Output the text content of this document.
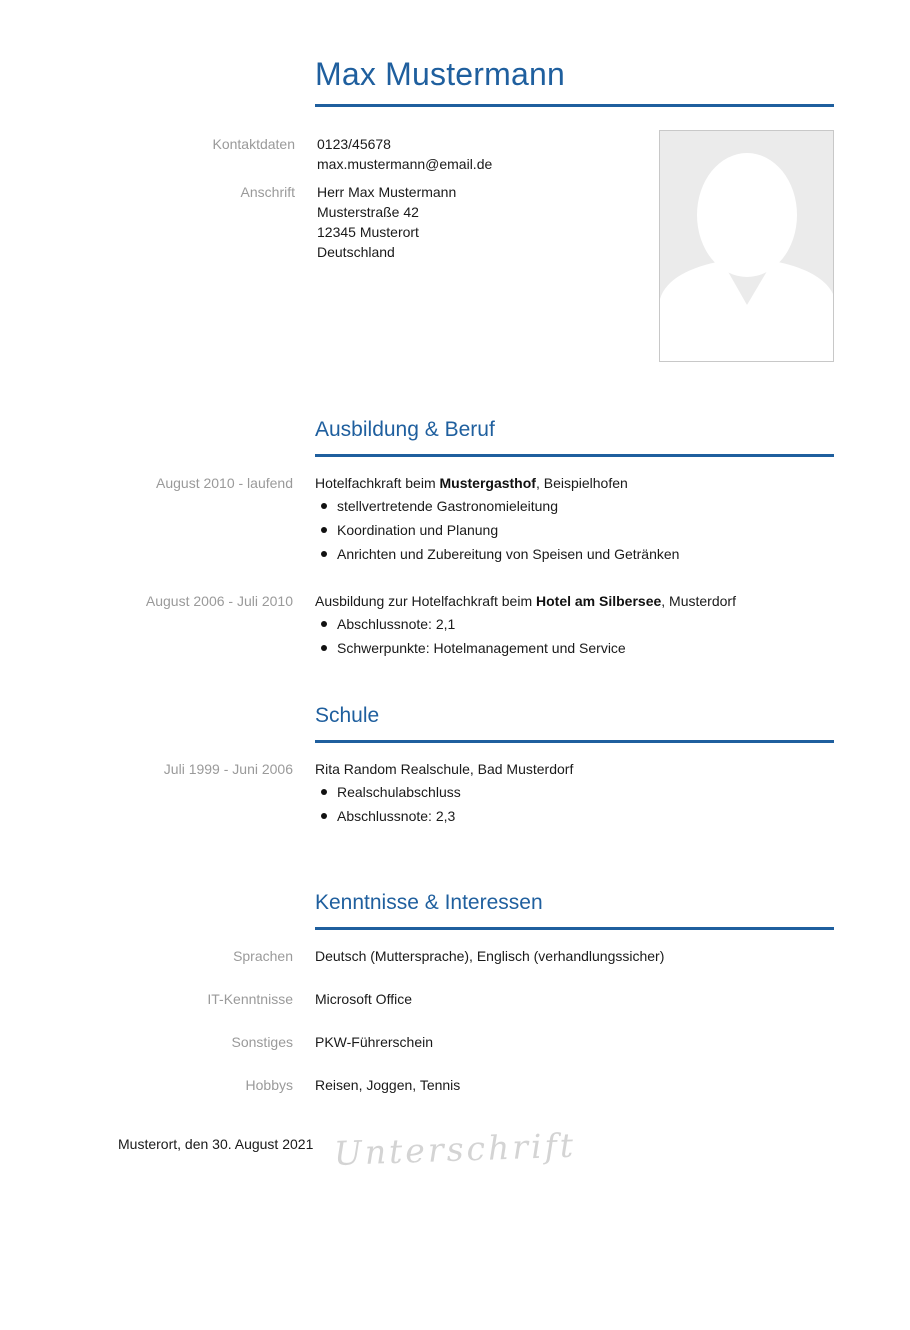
Max Mustermann
Kontaktdaten 0123/45678
max.mustermann@email.de
Anschrift Herr Max Mustermann
Musterstraße 42
12345 Musterort
Deutschland
Ausbildung & Beruf
August 2010 - laufend Hotelfachkraft beim Mustergasthof, Beispielhofen
stellvertretende Gastronomieleitung
Koordination und Planung
Anrichten und Zubereitung von Speisen und Getränken
August 2006 - Juli 2010 Ausbildung zur Hotelfachkraft beim Hotel am Silbersee, Musterdorf
Abschlussnote: 2,1
Schwerpunkte: Hotelmanagement und Service
Schule
Juli 1999 - Juni 2006 Rita Random Realschule, Bad Musterdorf
Realschulabschluss
Abschlussnote: 2,3
Kenntnisse & Interessen
Sprachen Deutsch (Muttersprache), Englisch (verhandlungssicher)
IT-Kenntnisse Microsoft Office
Sonstiges PKW-Führerschein
Hobbys Reisen, Joggen, Tennis
Musterort, den 30. August 2021 Unterschrift
